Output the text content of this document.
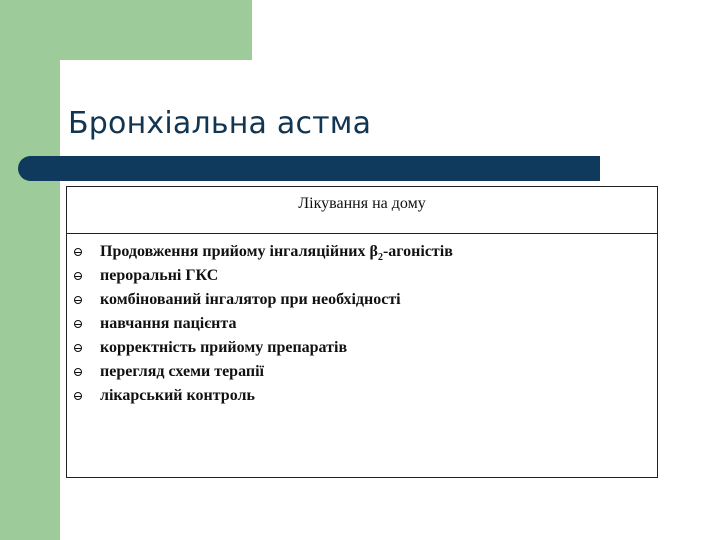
Бронхіальна астма
Лікування на дому
Продовження прийому інгаляційних $\beta_2$-агоністів
пероральні ГКС
комбінований інгалятор при необхідності
навчання пацієнта
корректність прийому препаратів
перегляд схеми терапії
лікарський контроль
